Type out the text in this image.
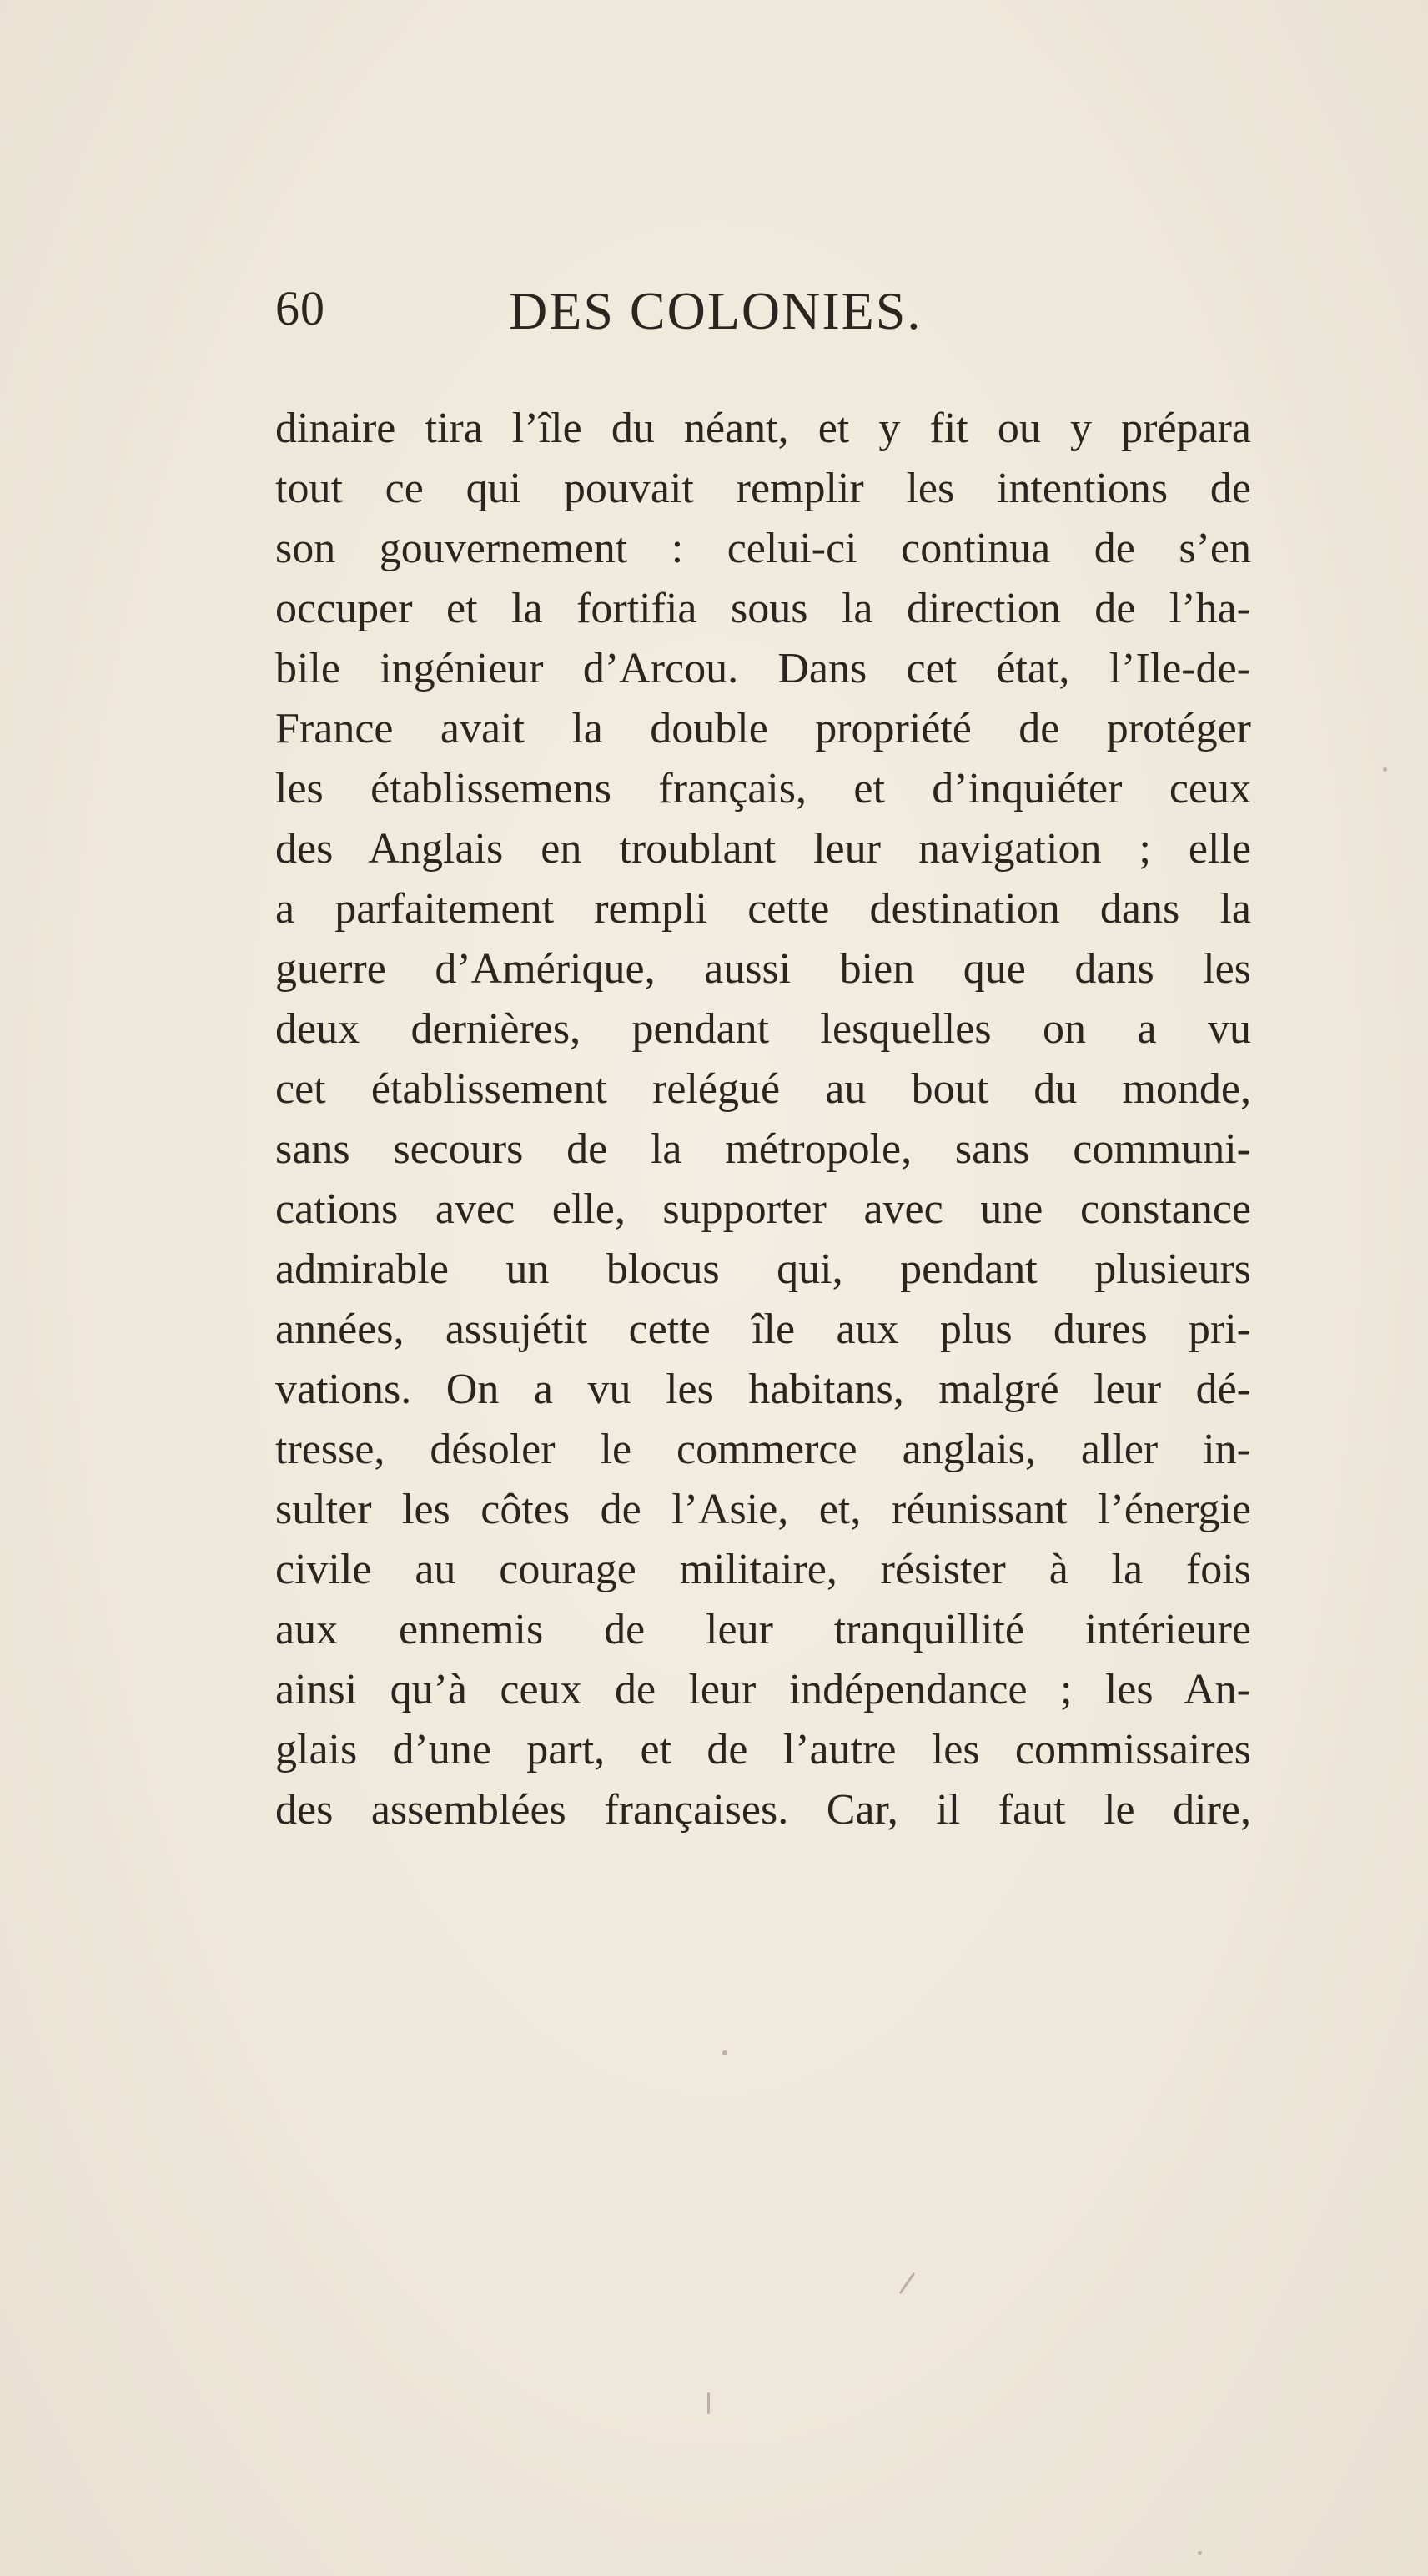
60	DES COLONIES.
dinaire tira l’île du néant, et y fit ou y prépara
tout ce qui pouvait remplir les intentions de
son gouvernement : celui-ci continua de s’en
occuper et la fortifia sous la direction de l’ha-
bile ingénieur d’Arcou. Dans cet état, l’Ile-de-
France avait la double propriété de protéger
les établissemens français, et d’inquiéter ceux
des Anglais en troublant leur navigation ; elle
a parfaitement rempli cette destination dans la
guerre d’Amérique, aussi bien que dans les
deux dernières, pendant lesquelles on a vu
cet établissement relégué au bout du monde,
sans secours de la métropole, sans communi-
cations avec elle, supporter avec une constance
admirable un blocus qui, pendant plusieurs
années, assujétit cette île aux plus dures pri-
vations. On a vu les habitans, malgré leur dé-
tresse, désoler le commerce anglais, aller in-
sulter les côtes de l’Asie, et, réunissant l’énergie
civile au courage militaire, résister à la fois
aux ennemis de leur tranquillité intérieure
ainsi qu’à ceux de leur indépendance ; les An-
glais d’une part, et de l’autre les commissaires
des assemblées françaises. Car, il faut le dire,
